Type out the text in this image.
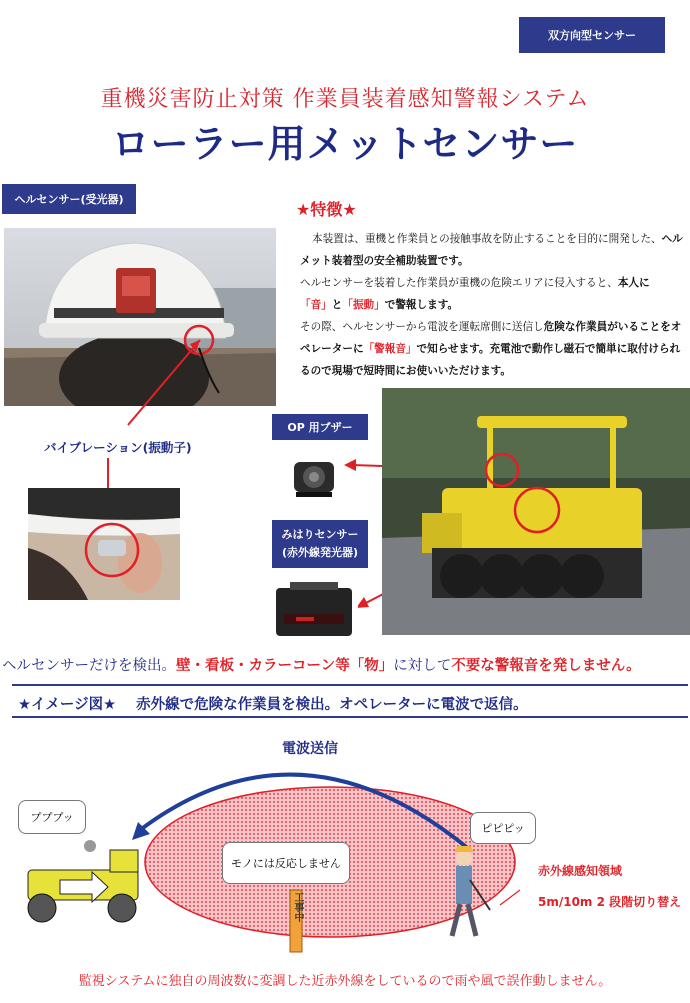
双方向型センサー
重機災害防止対策 作業員装着感知警報システム
ローラー用メットセンサー
ヘルセンサー(受光器)
★特徴★
本装置は、重機と作業員との接触事故を防止することを目的に開発した、ヘルメット装着型の安全補助装置です。
ヘルセンサーを装着した作業員が重機の危険エリアに侵入すると、本人に
「音」と「振動」で警報します。
その際、ヘルセンサーから電波を運転席側に送信し危険な作業員がいることをオペレーターに「警報音」で知らせます。充電池で動作し磁石で簡単に取付けられるので現場で短時間にお使いいただけます。
OP 用ブザー
バイブレーション(振動子)
みはりセンサー
(赤外線発光器)
ヘルセンサーだけを検出。壁・看板・カラーコーン等「物」に対して不要な警報音を発しません。
★イメージ図★ 赤外線で危険な作業員を検出。オペレーターに電波で返信。
電波送信
プププッ
ピピピッ
モノには反応しません
工事中
赤外線感知領域
5m/10m 2 段階切り替え
監視システムに独自の周波数に変調した近赤外線をしているので雨や風で誤作動しません。
